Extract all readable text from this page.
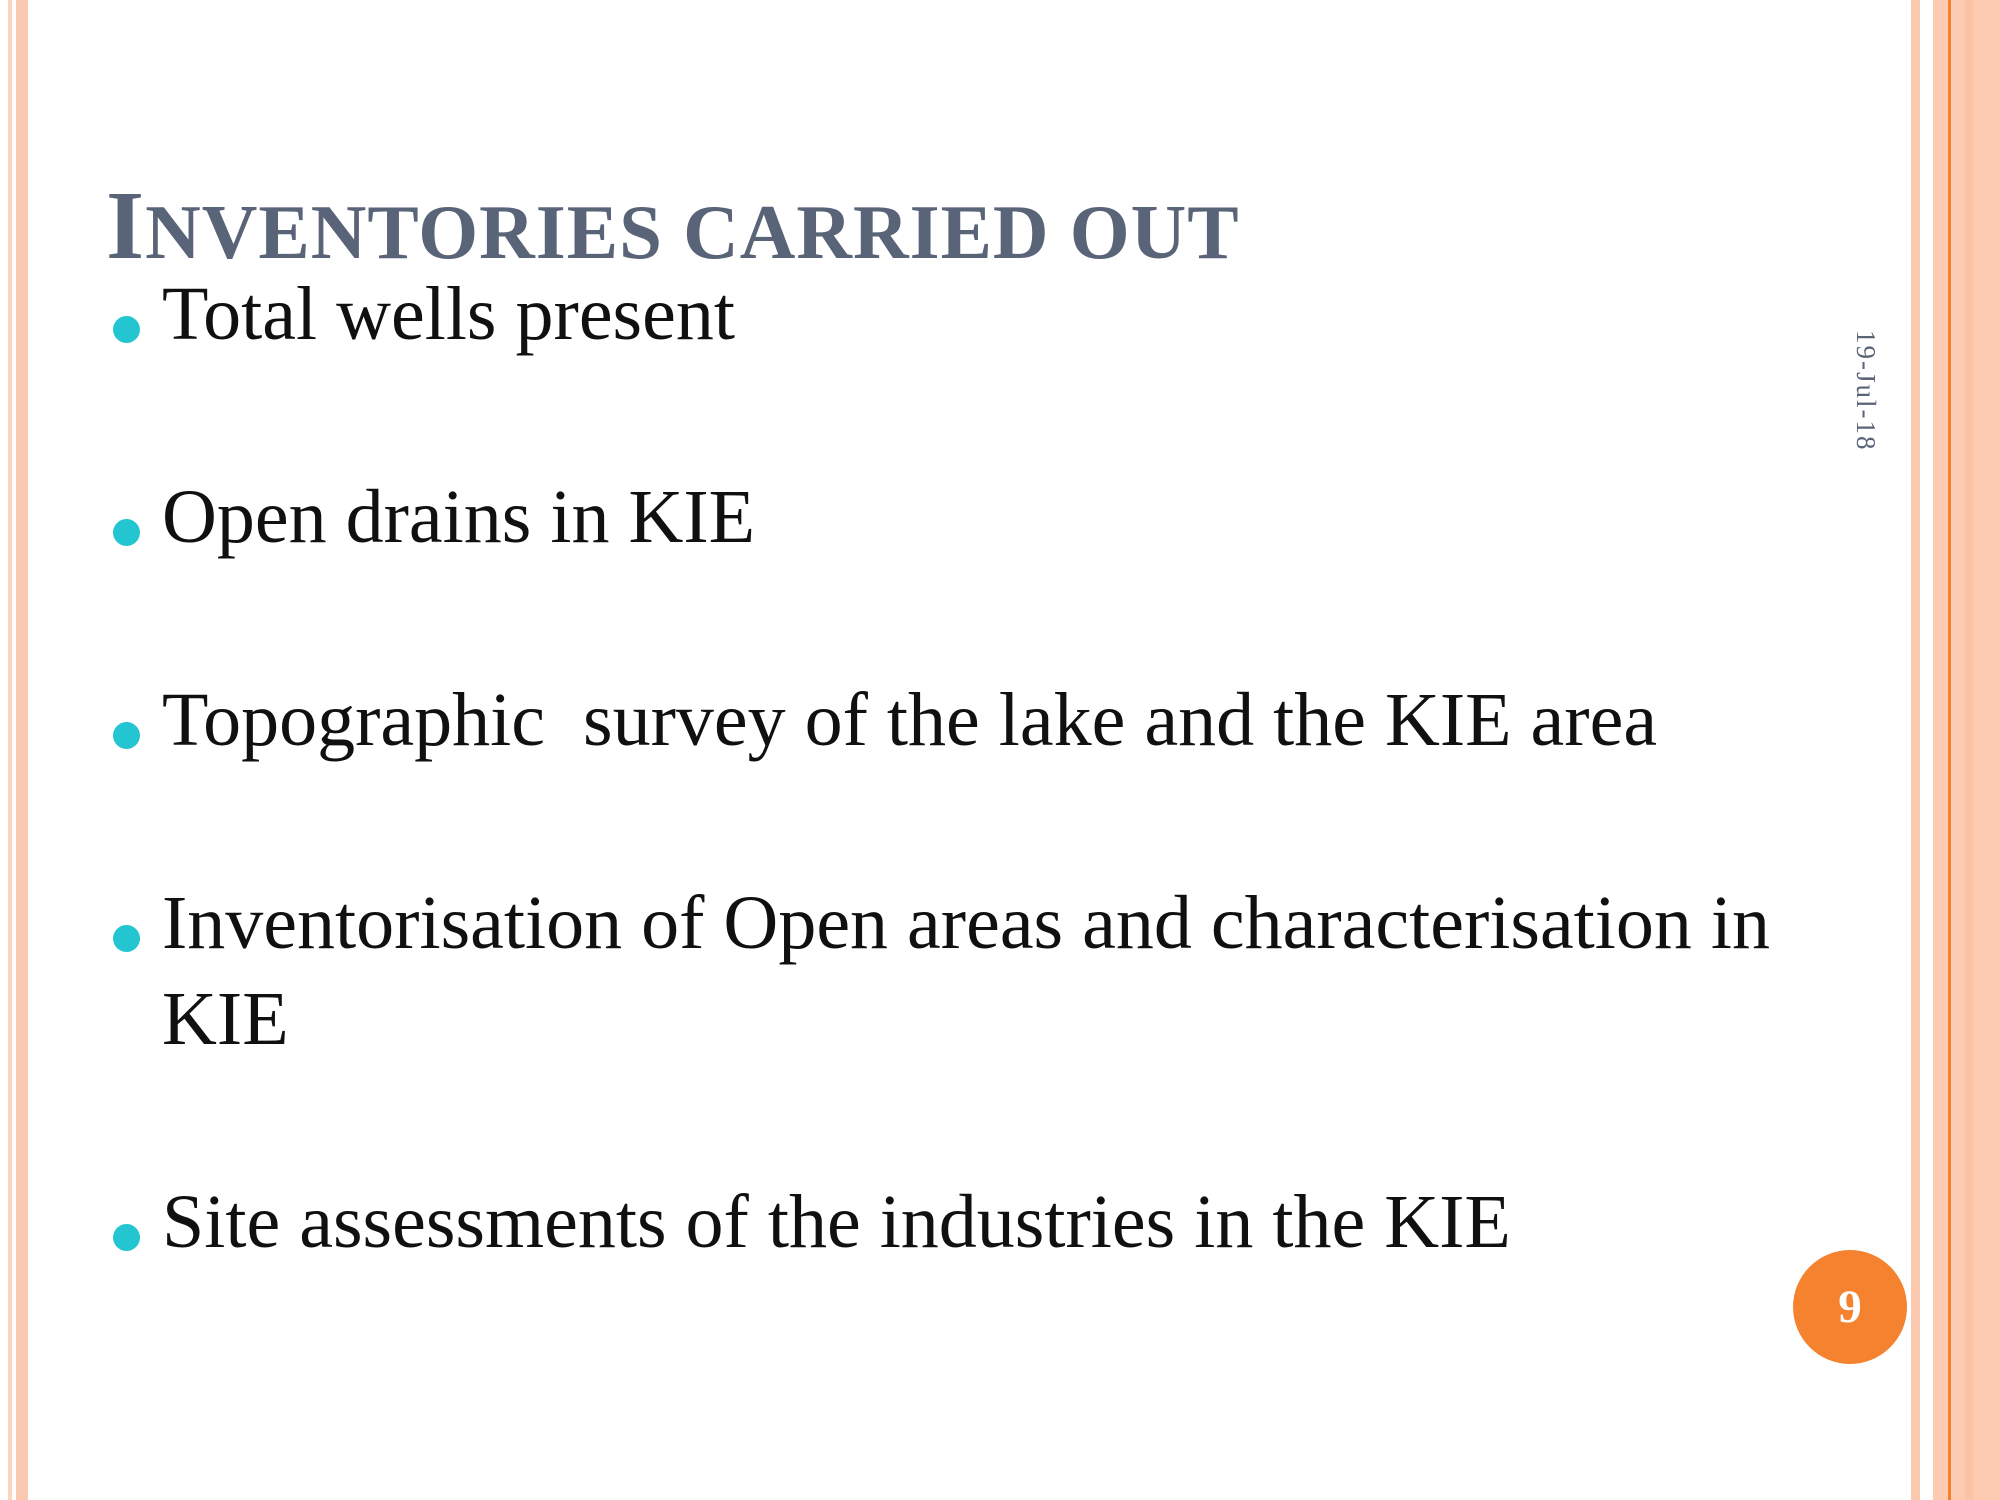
INVENTORIES CARRIED OUT
Total wells present
Open drains in KIE
Topographic  survey of the lake and the KIE area
Inventorisation of Open areas and characterisation in KIE
Site assessments of the industries in the KIE
19-Jul-18
9
